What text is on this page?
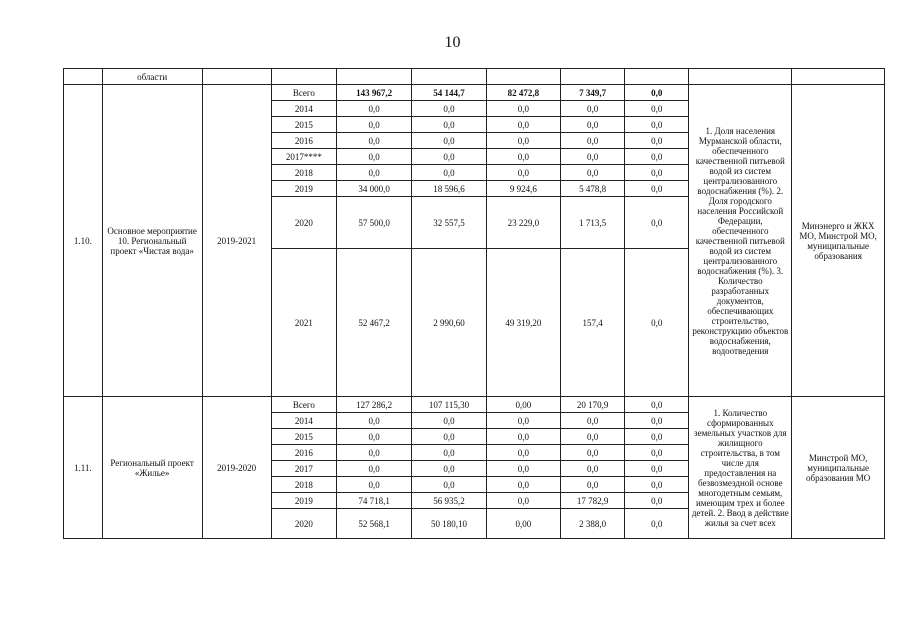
10
	области									
1.10.	Основное мероприятие 10. Региональный проект «Чистая вода»	2019-2021	Всего	143 967,2	54 144,7	82 472,8	7 349,7	0,0	1. Доля населения Мурманской области, обеспеченного качественной питьевой водой из систем централизованного водоснабжения (%). 2. Доля городского населения Российской Федерации, обеспеченного качественной питьевой водой из систем централизованного водоснабжения (%). 3. Количество разработанных документов, обеспечивающих строительство, реконструкцию объектов водоснабжения, водоотведения	Минэнерго и ЖКХ МО, Минстрой МО, муниципальные образования
			2014	0,0	0,0	0,0	0,0	0,0		
			2015	0,0	0,0	0,0	0,0	0,0		
			2016	0,0	0,0	0,0	0,0	0,0		
			2017****	0,0	0,0	0,0	0,0	0,0		
			2018	0,0	0,0	0,0	0,0	0,0		
			2019	34 000,0	18 596,6	9 924,6	5 478,8	0,0		
			2020	57 500,0	32 557,5	23 229,0	1 713,5	0,0		
			2021	52 467,2	2 990,60	49 319,20	157,4	0,0		
1.11.	Региональный проект «Жилье»	2019-2020	Всего	127 286,2	107 115,30	0,00	20 170,9	0,0	1. Количество сформированных земельных участков для жилищного строительства, в том числе для предоставления на безвозмездной основе многодетным семьям, имеющим трех и более детей. 2. Ввод в действие жилья за счет всех	Минстрой МО, муниципальные образования МО
			2014	0,0	0,0	0,0	0,0	0,0		
			2015	0,0	0,0	0,0	0,0	0,0		
			2016	0,0	0,0	0,0	0,0	0,0		
			2017	0,0	0,0	0,0	0,0	0,0		
			2018	0,0	0,0	0,0	0,0	0,0		
			2019	74 718,1	56 935,2	0,0	17 782,9	0,0		
			2020	52 568,1	50 180,10	0,00	2 388,0	0,0		
